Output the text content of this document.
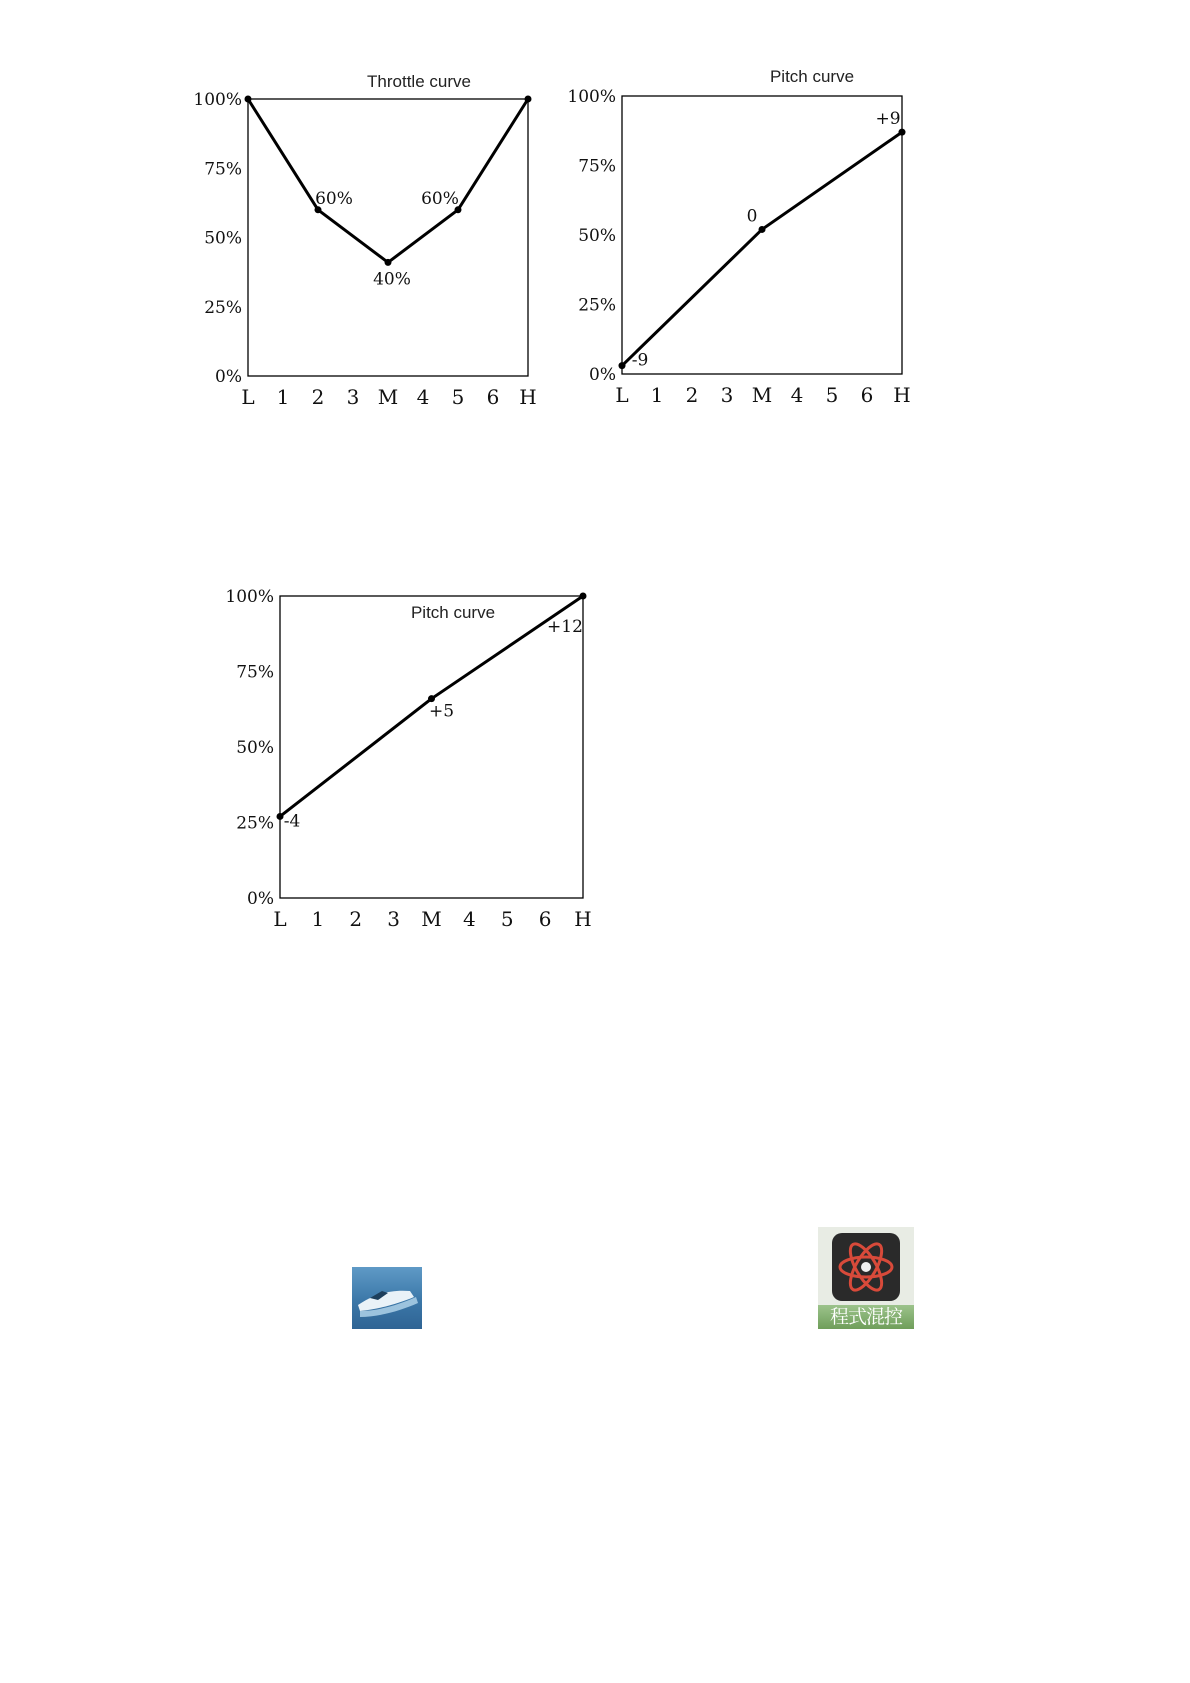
Throttle curve
0%
25%
50%
75%
100%
L 1 2 3 M 4 5 6 H
60%
40%
60%
Pitch curve
0%
25%
50%
75%
100%
L 1 2 3 M 4 5 6 H
-9
0
+9
Pitch curve
0%
25%
50%
75%
100%
L 1 2 3 M 4 5 6 H
-4
+5
+12
程式混控
